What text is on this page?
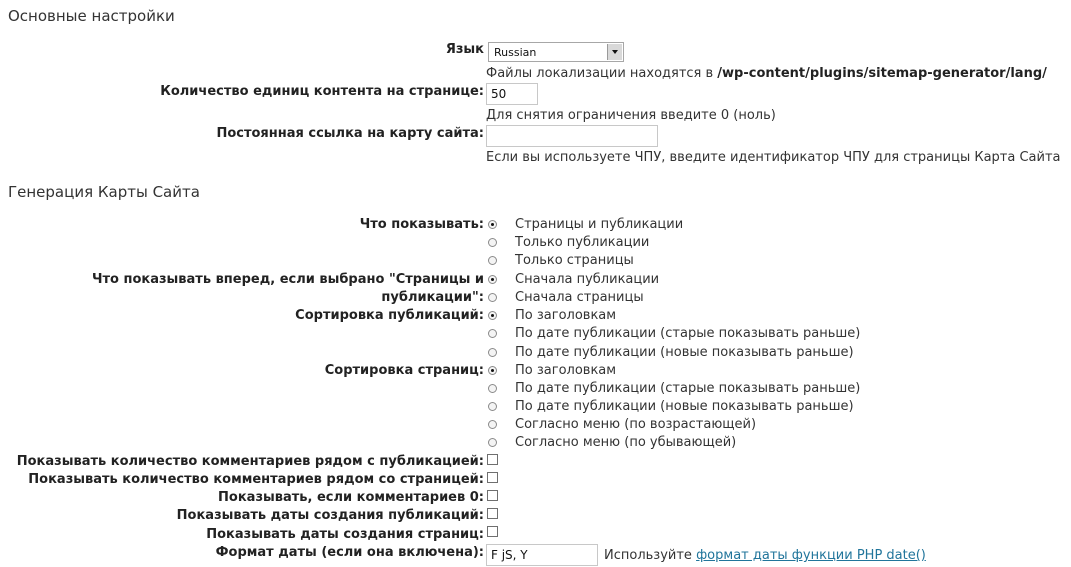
Основные настройки
Язык Russian
Файлы локализации находятся в /wp-content/plugins/sitemap-generator/lang/
Количество единиц контента на странице: 50
Для снятия ограничения введите 0 (ноль)
Постоянная ссылка на карту сайта:
Если вы используете ЧПУ, введите идентификатор ЧПУ для страницы Карта Сайта
Генерация Карты Сайта
Что показывать: Страницы и публикации
Только публикации
Только страницы
Что показывать вперед, если выбрано "Страницы и
публикации":
Сначала публикации
Сначала страницы
Сортировка публикаций: По заголовкам
По дате публикации (старые показывать раньше)
По дате публикации (новые показывать раньше)
Сортировка страниц: По заголовкам
По дате публикации (старые показывать раньше)
По дате публикации (новые показывать раньше)
Согласно меню (по возрастающей)
Согласно меню (по убывающей)
Показывать количество комментариев рядом с публикацией:
Показывать количество комментариев рядом со страницей:
Показывать, если комментариев 0:
Показывать даты создания публикаций:
Показывать даты создания страниц:
Формат даты (если она включена): F jS, Y	Используйте формат даты функции PHP date()
